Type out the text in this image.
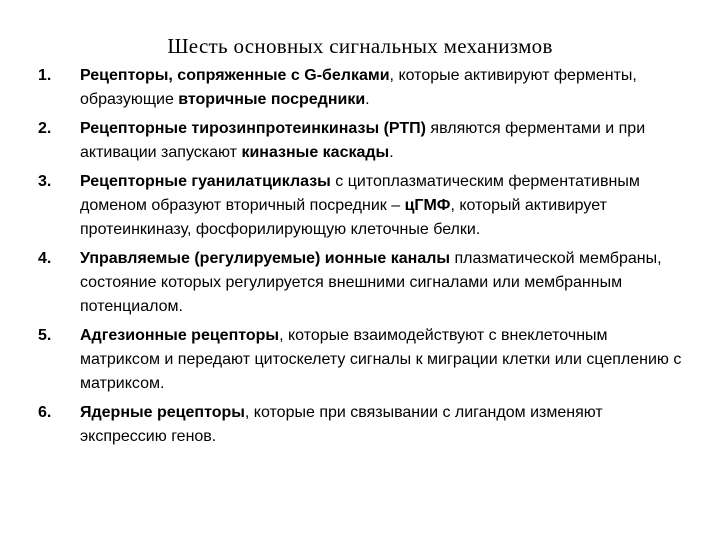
Шесть основных сигнальных механизмов
1. Рецепторы, сопряженные с G-белками, которые активируют ферменты, образующие вторичные посредники.
2. Рецепторные тирозинпротеинкиназы (РТП) являются ферментами и при активации запускают киназные каскады.
3. Рецепторные гуанилатциклазы с цитоплазматическим ферментативным доменом образуют вторичный посредник – цГМФ, который активирует протеинкиназу, фосфорилирующую клеточные белки.
4. Управляемые (регулируемые) ионные каналы плазматической мембраны, состояние которых регулируется внешними сигналами или мембранным потенциалом.
5. Адгезионные рецепторы, которые взаимодействуют с внеклеточным матриксом и передают цитоскелету сигналы к миграции клетки или сцеплению с матриксом.
6. Ядерные рецепторы, которые при связывании с лигандом изменяют экспрессию генов.
